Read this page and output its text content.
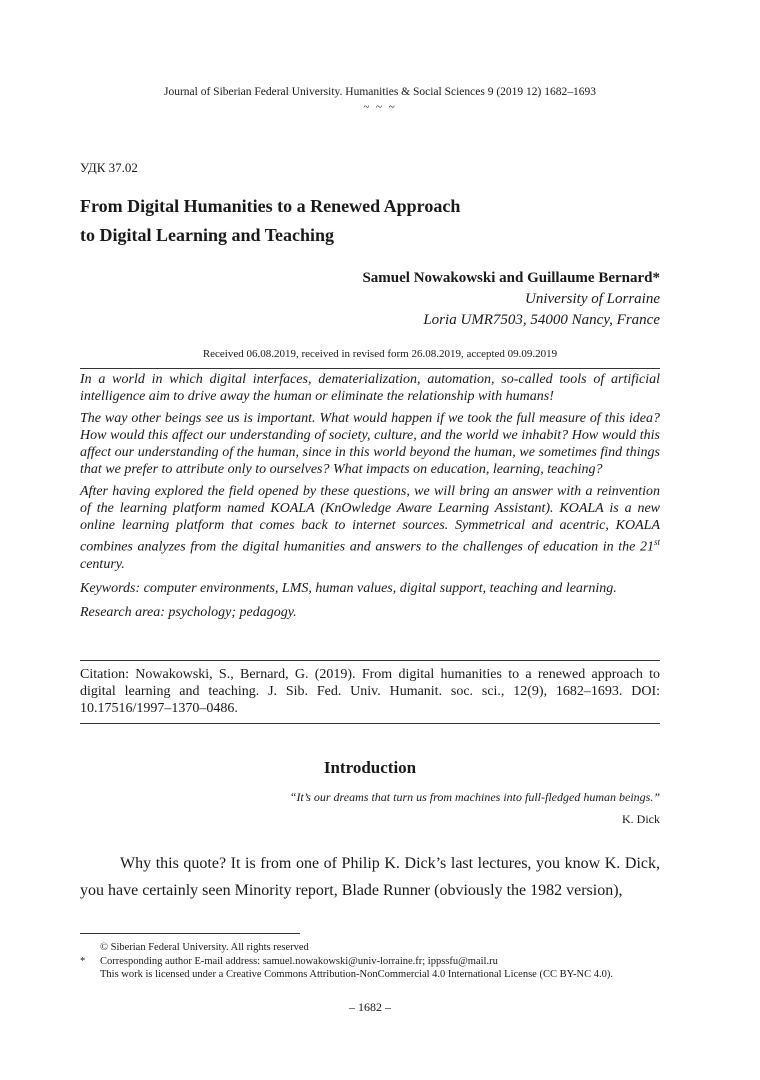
Journal of Siberian Federal University. Humanities & Social Sciences 9 (2019 12) 1682–1693
~ ~ ~
УДК 37.02
From Digital Humanities to a Renewed Approach
to Digital Learning and Teaching
Samuel Nowakowski and Guillaume Bernard*
University of Lorraine
Loria UMR7503, 54000 Nancy, France
Received 06.08.2019, received in revised form 26.08.2019, accepted 09.09.2019

In a world in which digital interfaces, dematerialization, automation, so-called tools of artificial intelligence aim to drive away the human or eliminate the relationship with humans!

The way other beings see us is important. What would happen if we took the full measure of this idea? How would this affect our understanding of society, culture, and the world we inhabit? How would this affect our understanding of the human, since in this world beyond the human, we sometimes find things that we prefer to attribute only to ourselves? What impacts on education, learning, teaching?

After having explored the field opened by these questions, we will bring an answer with a reinvention of the learning platform named KOALA (KnOwledge Aware Learning Assistant). KOALA is a new online learning platform that comes back to internet sources. Symmetrical and acentric, KOALA combines analyzes from the digital humanities and answers to the challenges of education in the 21st century.

Keywords: computer environments, LMS, human values, digital support, teaching and learning.

Research area: psychology; pedagogy.

Citation: Nowakowski, S., Bernard, G. (2019). From digital humanities to a renewed approach to digital learning and teaching. J. Sib. Fed. Univ. Humanit. soc. sci., 12(9), 1682–1693. DOI: 10.17516/1997–1370–0486.
Introduction
“It’s our dreams that turn us from machines into full-fledged human beings.”
K. Dick
Why this quote? It is from one of Philip K. Dick’s last lectures, you know K. Dick, you have certainly seen Minority report, Blade Runner (obviously the 1982 version),
© Siberian Federal University. All rights reserved
* Corresponding author E-mail address: samuel.nowakowski@univ-lorraine.fr; ippssfu@mail.ru
This work is licensed under a Creative Commons Attribution-NonCommercial 4.0 International License (CC BY-NC 4.0).
– 1682 –
